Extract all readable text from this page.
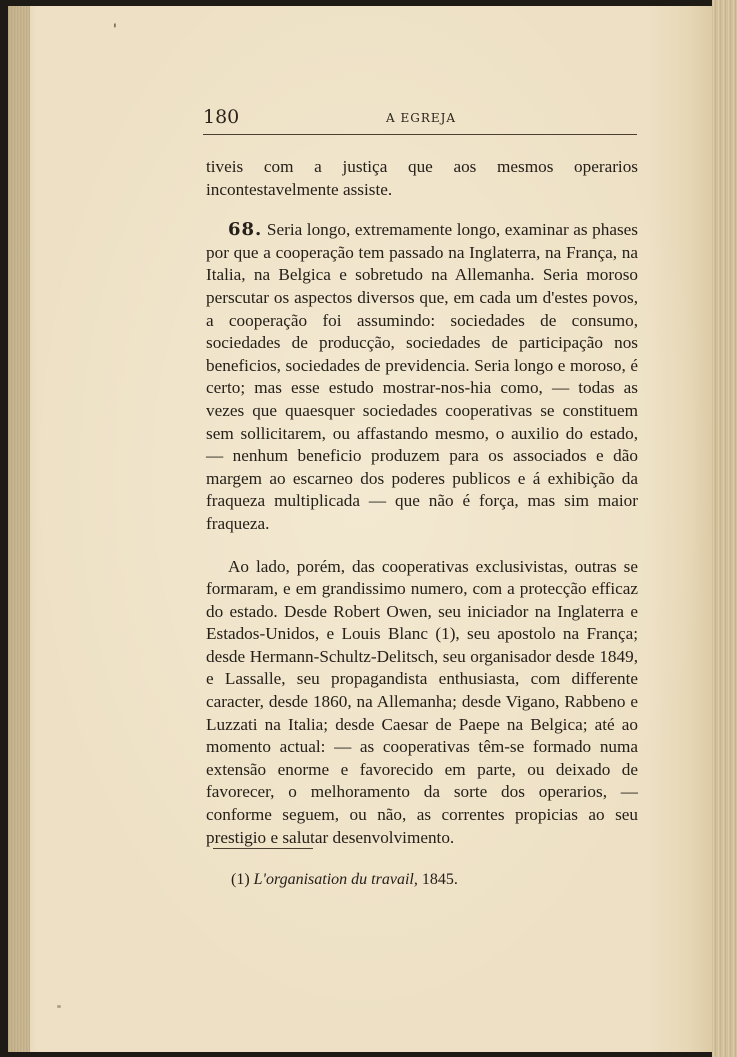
'
180	A EGREJA

tiveis com a justiça que aos mesmos operarios incontestavelmente assiste.

68. Seria longo, extremamente longo, examinar as phases por que a cooperação tem passado na Inglaterra, na França, na Italia, na Belgica e sobretudo na Allemanha. Seria moroso perscutar os aspectos diversos que, em cada um d'estes povos, a cooperação foi assumindo: sociedades de consumo, sociedades de producção, sociedades de participação nos beneficios, sociedades de previdencia. Seria longo e moroso, é certo; mas esse estudo mostrar-nos-hia como, — todas as vezes que quaesquer sociedades cooperativas se constituem sem sollicitarem, ou affastando mesmo, o auxilio do estado, — nenhum beneficio produzem para os associados e dão margem ao escarneo dos poderes publicos e á exhibição da fraqueza multiplicada — que não é força, mas sim maior fraqueza.

Ao lado, porém, das cooperativas exclusivistas, outras se formaram, e em grandissimo numero, com a protecção efficaz do estado. Desde Robert Owen, seu iniciador na Inglaterra e Estados-Unidos, e Louis Blanc (1), seu apostolo na França; desde Hermann-Schultz-Delitsch, seu organisador desde 1849, e Lassalle, seu propagandista enthusiasta, com differente caracter, desde 1860, na Allemanha; desde Vigano, Rabbeno e Luzzati na Italia; desde Caesar de Paepe na Belgica; até ao momento actual: — as cooperativas têm-se formado numa extensão enorme e favorecido em parte, ou deixado de favorecer, o melhoramento da sorte dos operarios, — conforme seguem, ou não, as correntes propicias ao seu prestigio e salutar desenvolvimento.

(1) L'organisation du travail, 1845.
